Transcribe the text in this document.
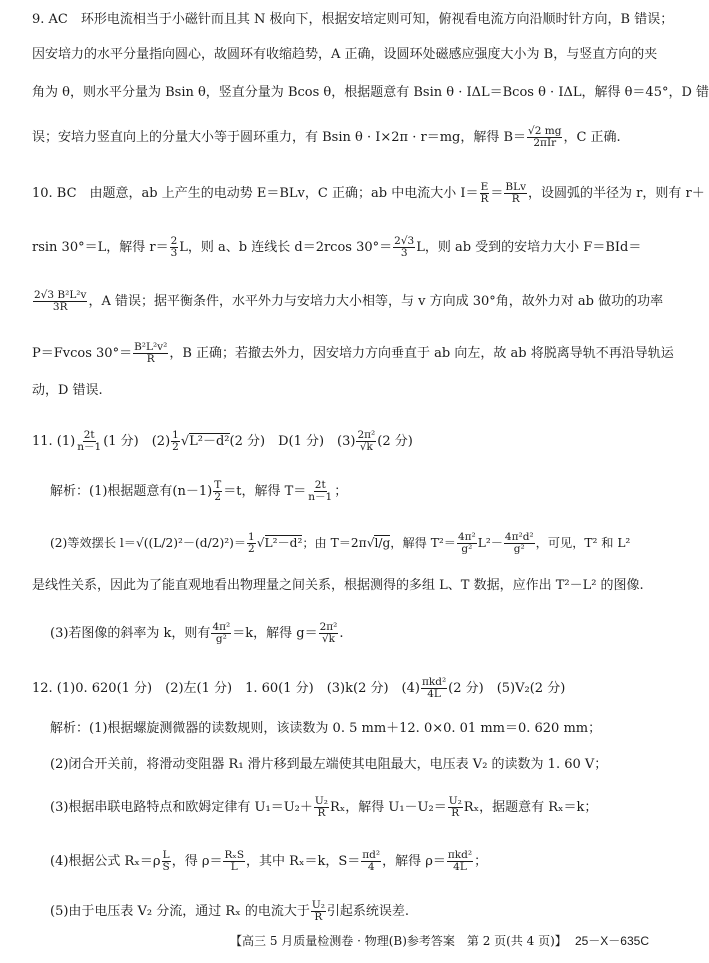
9. AC　环形电流相当于小磁针而且其 N 极向下，根据安培定则可知，俯视看电流方向沿顺时针方向，B 错误；
因安培力的水平分量指向圆心，故圆环有收缩趋势，A 正确，设圆环处磁感应强度大小为 B，与竖直方向的夹
角为 θ，则水平分量为 Bsin θ，竖直分量为 Bcos θ，根据题意有 Bsin θ · IΔL＝Bcos θ · IΔL，解得 θ＝45°，D 错
误；安培力竖直向上的分量大小等于圆环重力，有 Bsin θ · I×2π · r＝mg，解得 $B= \frac{√2 mg}{\text{2πIr}}$ ，C 正确.
10. BC　由题意，ab 上产生的电动势 E＝BLv，C 正确；ab 中电流大小 $I= \frac{E}{R} = \frac{\text{BLv}}{R}$ ，设圆弧的半径为 r，则有 r＋
rsin 30°＝L，解得 $r= \frac{2}{3}$ L，则 a、b 连线长 d＝2rcos $30^\circ= \frac{2√3}{3}$ L，则 ab 受到的安培力大小 F＝BId＝
$\frac{\text{2√3 B²L²v}}{3R}$ ，A 错误；据平衡条件，水平外力与安培力大小相等，与 v 方向成 30°角，故外力对 ab 做功的功率
P＝Fvcos $30^\circ= \frac{\text{B²L²v²}}{R}$ ，B 正确；若撤去外力，因安培力方向垂直于 ab 向左，故 ab 将脱离导轨不再沿导轨运
动，D 错误.
11. $(1) \frac{2t}{n-1} (1$ 分)　$(2) \frac{1}{2}$ √ L²－d²(2 分)　D(1 分)　$(3) \frac{\text{2π²}}{√k} (2$ 分)
解析：(1)根据题意有$(n-1) \frac{T}{2} =t$，解得 $T= \frac{2t}{n-1}$ ；
(2)等效摆长 $l=√((L/2)^2-(d/2)^2)= \frac{1}{2}$ √ L²－d²；由 T＝2π √ l/g，解得 $T^2= \frac{\text{4π²}}{\text{g²}} L^2- \frac{\text{4π²d²}}{\text{g²}}$ ，可见，T² 和 L²
是线性关系，因此为了能直观地看出物理量之间关系，根据测得的多组 L、T 数据，应作出 T²－L² 的图像.
(3)若图像的斜率为 k，则有 $\frac{\text{4π²}}{\text{g²}} =k$，解得 $g= \frac{\text{2π²}}{√k}$ .
12. (1)0. 620(1 分)　(2)左(1 分)　1. 60(1 分)　(3)k(2 分)　$(4) \frac{\text{πkd²}}{4L} (2$ 分)　(5)V₂(2 分)
解析：(1)根据螺旋测微器的读数规则，该读数为 0. 5 mm＋12. 0×0. 01 mm＝0. 620 mm；
(2)闭合开关前，将滑动变阻器 R₁ 滑片移到最左端使其电阻最大，电压表 V₂ 的读数为 1. 60 V；
(3)根据串联电路特点和欧姆定律有 $U_1=U_2+ \frac{\text{U₂}}{R}$ Rₓ，解得 $U_1-U_2= \frac{\text{U₂}}{R}$ Rₓ，据题意有 Rₓ＝k；
(4)根据公式 $R_x=\rho \frac{L}{S}$ ，得 $\rho= \frac{\text{RₓS}}{L}$ ，其中 Rₓ＝k，$S= \frac{\text{πd²}}{4}$ ，解得 $\rho= \frac{\text{πkd²}}{4L}$ ；
(5)由于电压表 V₂ 分流，通过 Rₓ 的电流大于 $\frac{\text{U₂}}{R}$ 引起系统误差.
【高三 5 月质量检测卷 · 物理(B)参考答案　第 2 页(共 4 页)】 25－X－635C
